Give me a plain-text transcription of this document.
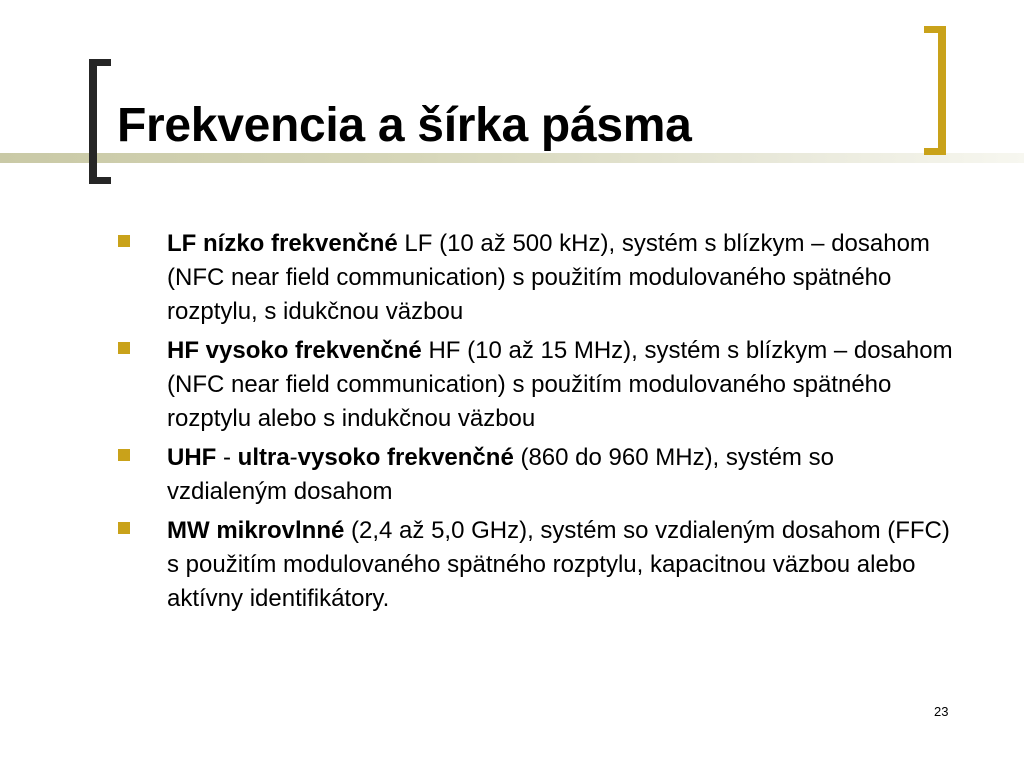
Frekvencia a šírka pásma
LF nízko frekvenčné LF (10 až 500 kHz), systém s blízkym – dosahom (NFC near field communication) s použitím modulovaného spätného rozptylu, s idukčnou väzbou
HF vysoko frekvenčné HF (10 až 15 MHz), systém s blízkym – dosahom (NFC near field communication) s použitím modulovaného spätného rozptylu alebo s indukčnou väzbou
UHF - ultra-vysoko frekvenčné (860 do 960 MHz), systém so vzdialeným dosahom
MW mikrovlnné (2,4 až 5,0 GHz), systém so vzdialeným dosahom (FFC) s použitím modulovaného spätného rozptylu, kapacitnou väzbou alebo aktívny identifikátory.
23
